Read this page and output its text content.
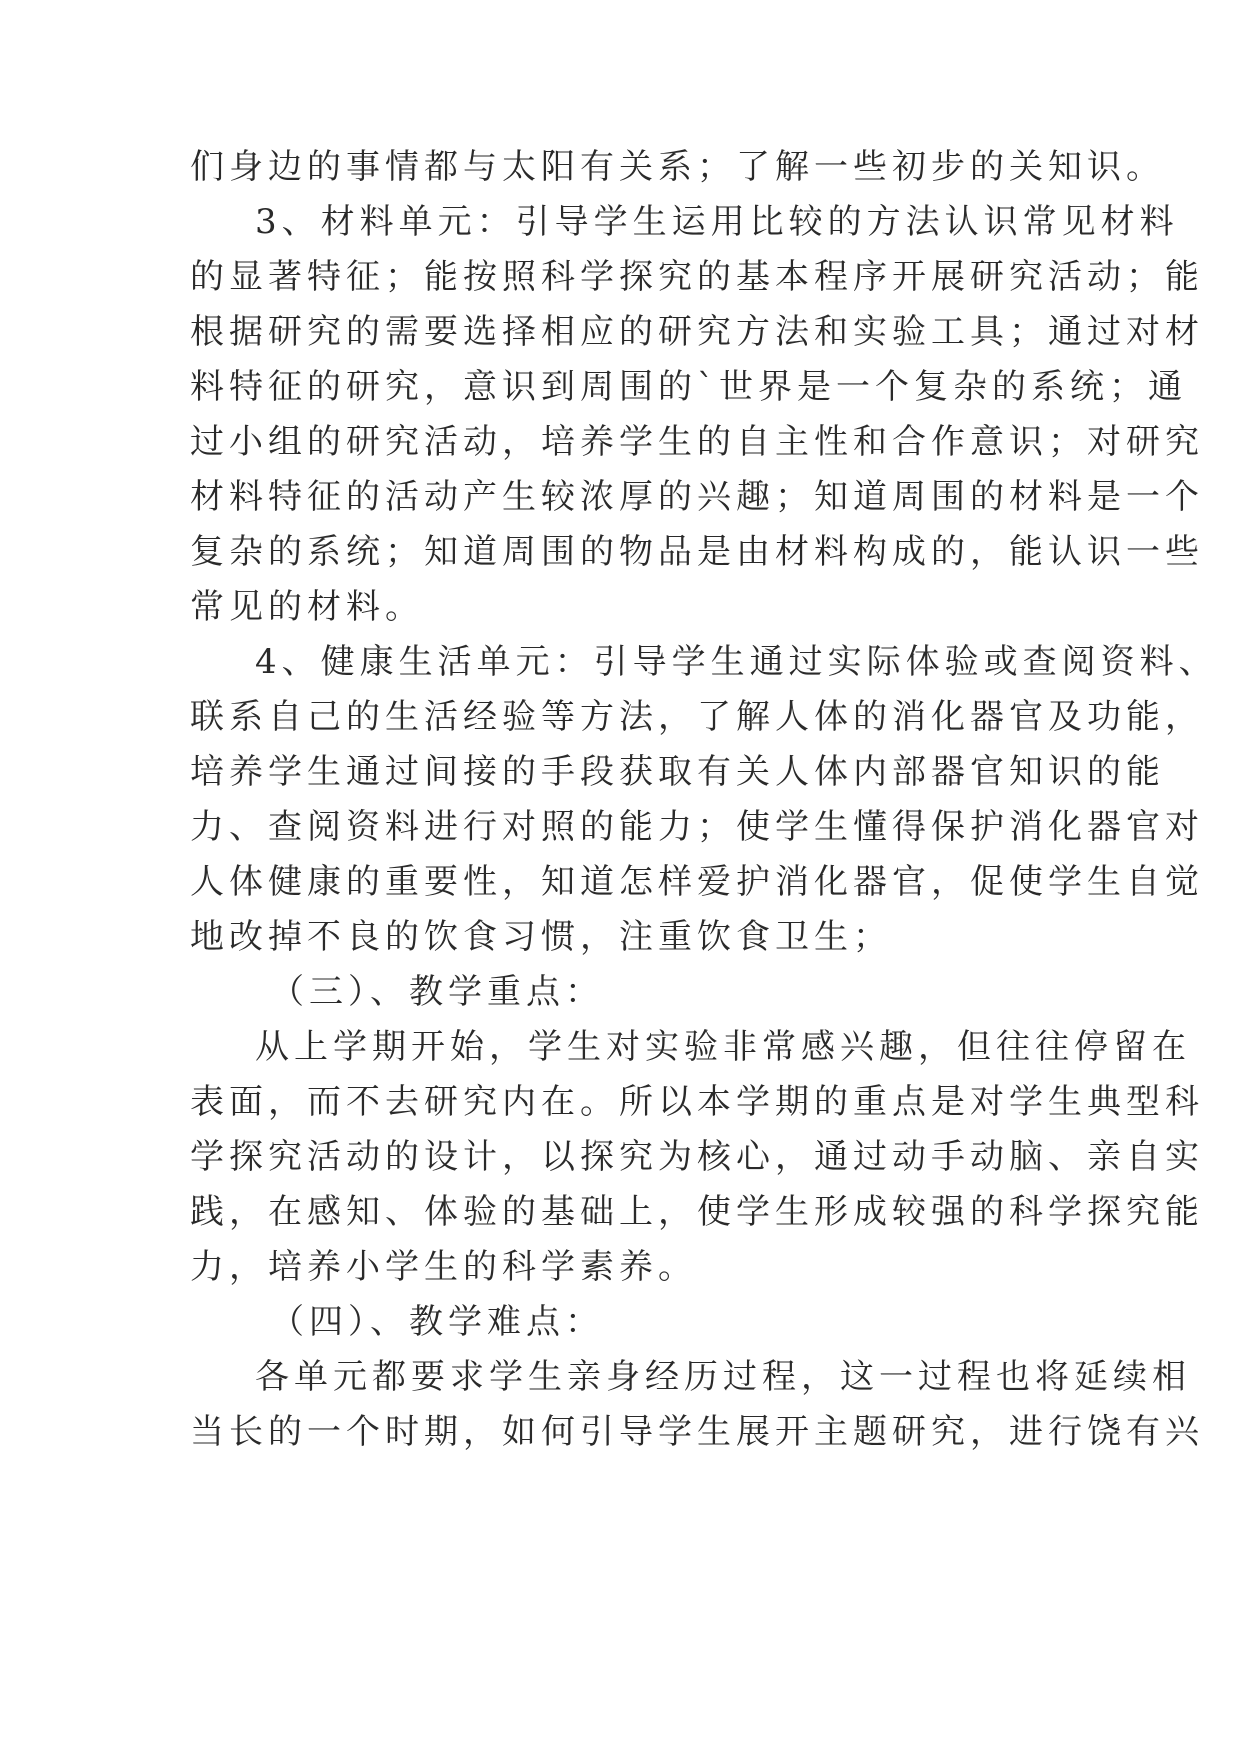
们身边的事情都与太阳有关系；了解一些初步的关知识。
3、材料单元：引导学生运用比较的方法认识常见材料
的显著特征；能按照科学探究的基本程序开展研究活动；能
根据研究的需要选择相应的研究方法和实验工具；通过对材
料特征的研究，意识到周围的`世界是一个复杂的系统；通
过小组的研究活动，培养学生的自主性和合作意识；对研究
材料特征的活动产生较浓厚的兴趣；知道周围的材料是一个
复杂的系统；知道周围的物品是由材料构成的，能认识一些
常见的材料。
4、健康生活单元：引导学生通过实际体验或查阅资料、
联系自己的生活经验等方法，了解人体的消化器官及功能，
培养学生通过间接的手段获取有关人体内部器官知识的能
力、查阅资料进行对照的能力；使学生懂得保护消化器官对
人体健康的重要性，知道怎样爱护消化器官，促使学生自觉
地改掉不良的饮食习惯，注重饮食卫生；
（三）、教学重点：
从上学期开始，学生对实验非常感兴趣，但往往停留在
表面，而不去研究内在。所以本学期的重点是对学生典型科
学探究活动的设计，以探究为核心，通过动手动脑、亲自实
践，在感知、体验的基础上，使学生形成较强的科学探究能
力，培养小学生的科学素养。
（四）、教学难点：
各单元都要求学生亲身经历过程，这一过程也将延续相
当长的一个时期，如何引导学生展开主题研究，进行饶有兴
